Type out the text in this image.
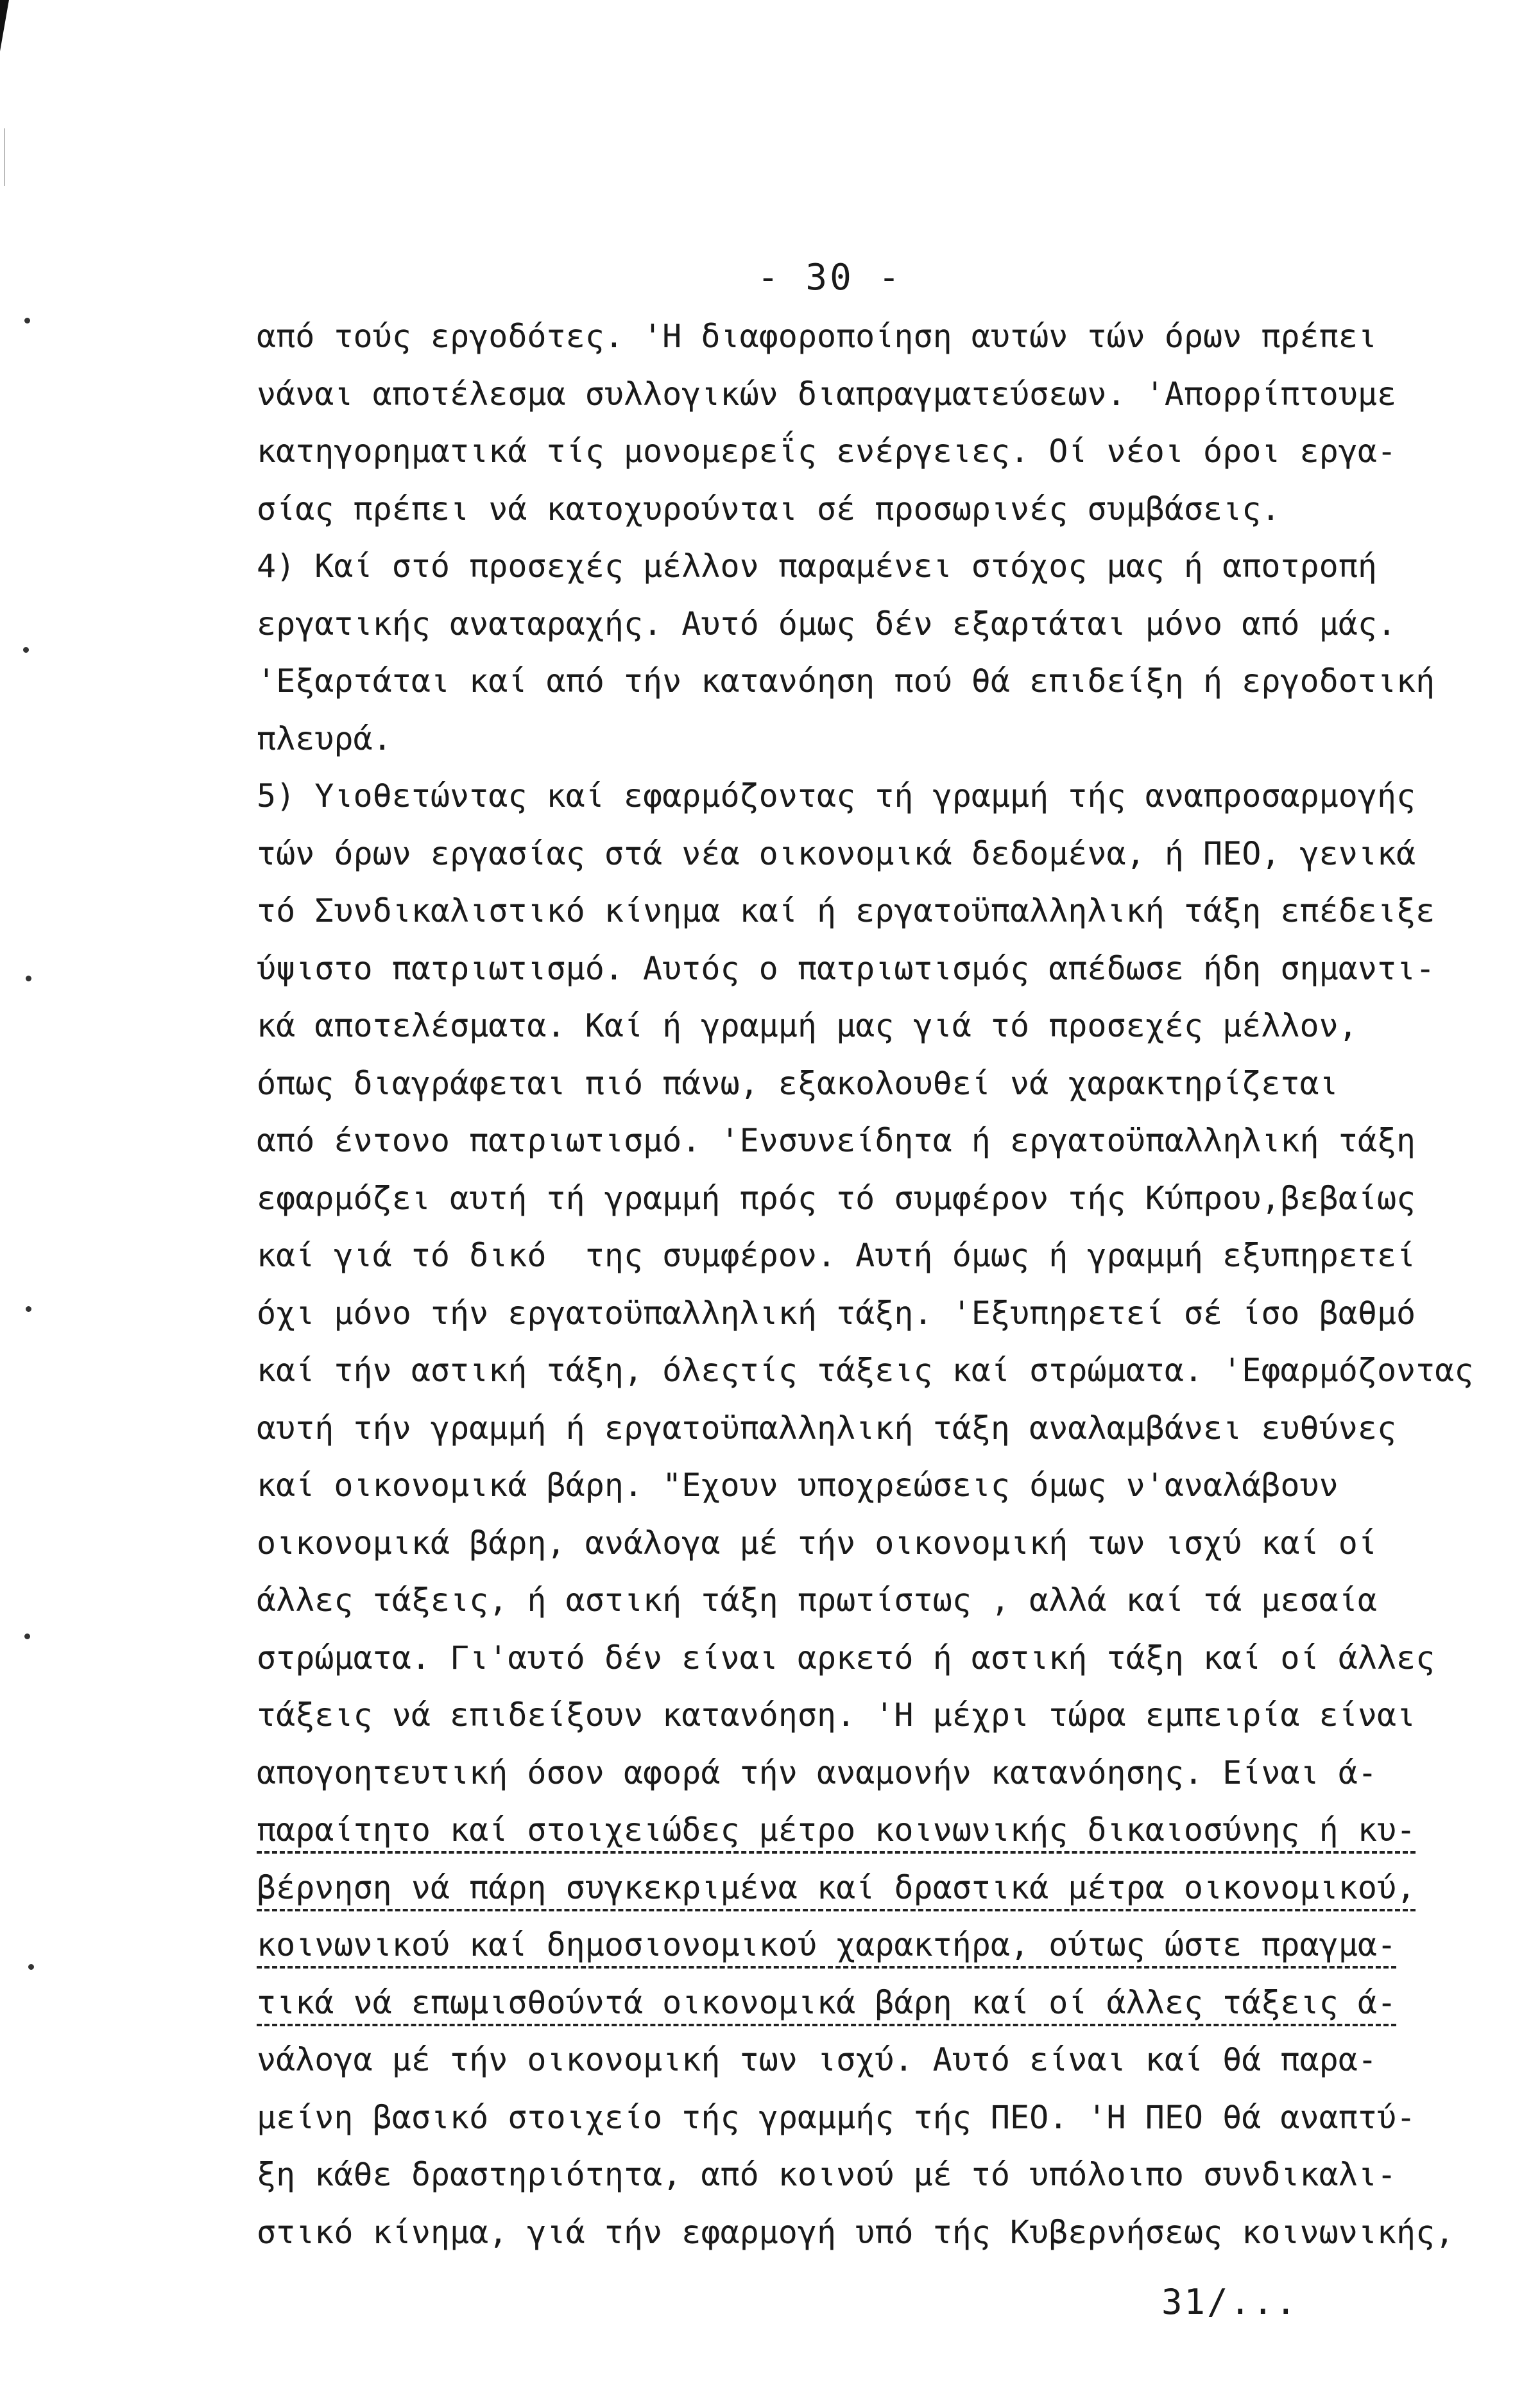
- 30 -
από τούς εργοδότες. 'Η διαφοροποίηση αυτών τών όρων πρέπει
νάναι αποτέλεσμα συλλογικών διαπραγματεύσεων. 'Απορρίπτουμε
κατηγορηματικά τίς μονομερεΐς ενέργειες. Οί νέοι όροι εργα-
σίας πρέπει νά κατοχυρούνται σέ προσωρινές συμβάσεις.
4) Καί στό προσεχές μέλλον παραμένει στόχος μας ή αποτροπή
εργατικής αναταραχής. Αυτό όμως δέν εξαρτάται μόνο από μάς.
'Εξαρτάται καί από τήν κατανόηση πού θά επιδείξη ή εργοδοτική
πλευρά.
5) Υιοθετώντας καί εφαρμόζοντας τή γραμμή τής αναπροσαρμογής
τών όρων εργασίας στά νέα οικονομικά δεδομένα, ή ΠΕΟ, γενικά
τό Συνδικαλιστικό κίνημα καί ή εργατοϋπαλληλική τάξη επέδειξε
ύψιστο πατριωτισμό. Αυτός ο πατριωτισμός απέδωσε ήδη σημαντι-
κά αποτελέσματα. Καί ή γραμμή μας γιά τό προσεχές μέλλον,
όπως διαγράφεται πιό πάνω, εξακολουθεί νά χαρακτηρίζεται
από έντονο πατριωτισμό. 'Ενσυνείδητα ή εργατοϋπαλληλική τάξη
εφαρμόζει αυτή τή γραμμή πρός τό συμφέρον τής Κύπρου,βεβαίως
καί γιά τό δικό  της συμφέρον. Αυτή όμως ή γραμμή εξυπηρετεί
όχι μόνο τήν εργατοϋπαλληλική τάξη. 'Εξυπηρετεί σέ ίσο βαθμό
καί τήν αστική τάξη, όλεςτίς τάξεις καί στρώματα. 'Εφαρμόζοντας
αυτή τήν γραμμή ή εργατοϋπαλληλική τάξη αναλαμβάνει ευθύνες
καί οικονομικά βάρη. "Εχουν υποχρεώσεις όμως ν'αναλάβουν
οικονομικά βάρη, ανάλογα μέ τήν οικονομική των ισχύ καί οί
άλλες τάξεις, ή αστική τάξη πρωτίστως , αλλά καί τά μεσαία
στρώματα. Γι'αυτό δέν είναι αρκετό ή αστική τάξη καί οί άλλες
τάξεις νά επιδείξουν κατανόηση. 'Η μέχρι τώρα εμπειρία είναι
απογοητευτική όσον αφορά τήν αναμονήν κατανόησης. Είναι ά-
παραίτητο καί στοιχειώδες μέτρο κοινωνικής δικαιοσύνης ή κυ-
βέρνηση νά πάρη συγκεκριμένα καί δραστικά μέτρα οικονομικού,
κοινωνικού καί δημοσιονομικού χαρακτήρα, ούτως ώστε πραγμα-
τικά νά επωμισθούντά οικονομικά βάρη καί οί άλλες τάξεις ά-
νάλογα μέ τήν οικονομική των ισχύ. Αυτό είναι καί θά παρα-
μείνη βασικό στοιχείο τής γραμμής τής ΠΕΟ. 'Η ΠΕΟ θά αναπτύ-
ξη κάθε δραστηριότητα, από κοινού μέ τό υπόλοιπο συνδικαλι-
στικό κίνημα, γιά τήν εφαρμογή υπό τής Κυβερνήσεως κοινωνικής,
31/...
